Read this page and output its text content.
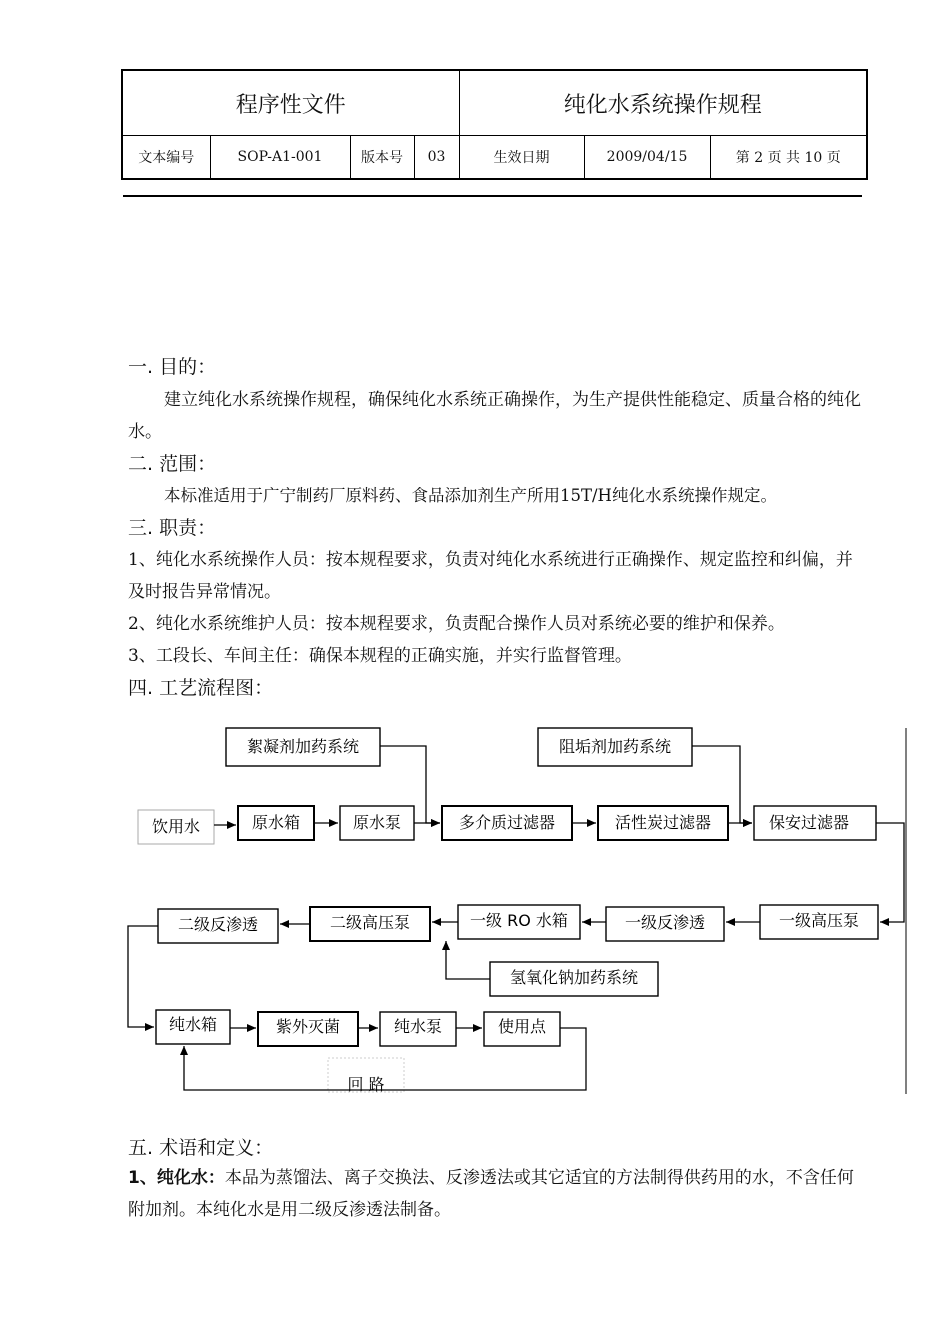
程序性文件				纯化水系统操作规程		
文本编号	SOP-A1-001	版本号	03	生效日期	2009/04/15	第 2 页 共 10 页
一. 目的：
建立纯化水系统操作规程，确保纯化水系统正确操作，为生产提供性能稳定、质量合格的纯化水。
二. 范围：
本标准适用于广宁制药厂原料药、食品添加剂生产所用15T/H纯化水系统操作规定。
三. 职责：
1、纯化水系统操作人员：按本规程要求，负责对纯化水系统进行正确操作、规定监控和纠偏，并及时报告异常情况。
2、纯化水系统维护人员：按本规程要求，负责配合操作人员对系统必要的维护和保养。
3、工段长、车间主任：确保本规程的正确实施，并实行监督管理。
四. 工艺流程图：
絮凝剂加药系统	阻垢剂加药系统
饮用水	原水箱	原水泵	多介质过滤器	活性炭过滤器	保安过滤器
一级高压泵
一级反渗透
一级 RO 水箱
二级高压泵
二级反渗透
氢氧化钠加药系统
纯水箱	紫外灭菌	纯水泵	使用点
回 路
五. 术语和定义：
1、纯化水：本品为蒸馏法、离子交换法、反渗透法或其它适宜的方法制得供药用的水，不含任何附加剂。本纯化水是用二级反渗透法制备。
